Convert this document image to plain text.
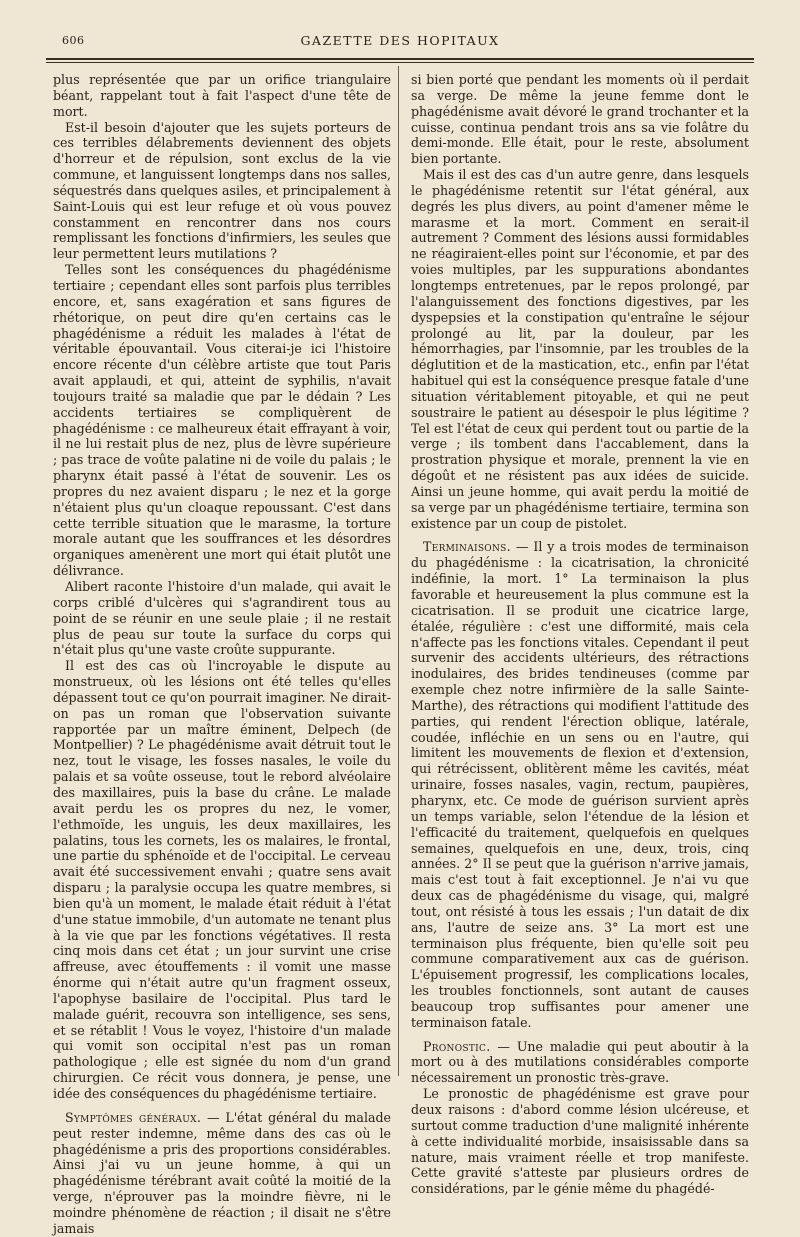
606	GAZETTE DES HOPITAUX

plus représentée que par un orifice triangulaire béant, rappelant tout à fait l'aspect d'une tête de mort.

Est-il besoin d'ajouter que les sujets porteurs de ces terribles délabrements deviennent des objets d'horreur et de répulsion, sont exclus de la vie commune, et languissent longtemps dans nos salles, séquestrés dans quelques asiles, et principalement à Saint-Louis qui est leur refuge et où vous pouvez constamment en rencontrer dans nos cours remplissant les fonctions d'infirmiers, les seules que leur permettent leurs mutilations ?

Telles sont les conséquences du phagédénisme tertiaire ; cependant elles sont parfois plus terribles encore, et, sans exagération et sans figures de rhétorique, on peut dire qu'en certains cas le phagédénisme a réduit les malades à l'état de véritable épouvantail. Vous citerai-je ici l'histoire encore récente d'un célèbre artiste que tout Paris avait applaudi, et qui, atteint de syphilis, n'avait toujours traité sa maladie que par le dédain ? Les accidents tertiaires se compliquèrent de phagédénisme : ce malheureux était effrayant à voir, il ne lui restait plus de nez, plus de lèvre supérieure ; pas trace de voûte palatine ni de voile du palais ; le pharynx était passé à l'état de souvenir. Les os propres du nez avaient disparu ; le nez et la gorge n'étaient plus qu'un cloaque repoussant. C'est dans cette terrible situation que le marasme, la torture morale autant que les souffrances et les désordres organiques amenèrent une mort qui était plutôt une délivrance.

Alibert raconte l'histoire d'un malade, qui avait le corps criblé d'ulcères qui s'agrandirent tous au point de se réunir en une seule plaie ; il ne restait plus de peau sur toute la surface du corps qui n'était plus qu'une vaste croûte suppurante.

Il est des cas où l'incroyable le dispute au monstrueux, où les lésions ont été telles qu'elles dépassent tout ce qu'on pourrait imaginer. Ne dirait-on pas un roman que l'observation suivante rapportée par un maître éminent, Delpech (de Montpellier) ? Le phagédénisme avait détruit tout le nez, tout le visage, les fosses nasales, le voile du palais et sa voûte osseuse, tout le rebord alvéolaire des maxillaires, puis la base du crâne. Le malade avait perdu les os propres du nez, le vomer, l'ethmoïde, les unguis, les deux maxillaires, les palatins, tous les cornets, les os malaires, le frontal, une partie du sphénoïde et de l'occipital. Le cerveau avait été successivement envahi ; quatre sens avait disparu ; la paralysie occupa les quatre membres, si bien qu'à un moment, le malade était réduit à l'état d'une statue immobile, d'un automate ne tenant plus à la vie que par les fonctions végétatives. Il resta cinq mois dans cet état ; un jour survint une crise affreuse, avec étouffements : il vomit une masse énorme qui n'était autre qu'un fragment osseux, l'apophyse basilaire de l'occipital. Plus tard le malade guérit, recouvra son intelligence, ses sens, et se rétablit ! Vous le voyez, l'histoire d'un malade qui vomit son occipital n'est pas un roman pathologique ; elle est signée du nom d'un grand chirurgien. Ce récit vous donnera, je pense, une idée des conséquences du phagédénisme tertiaire.

Symptômes généraux. — L'état général du malade peut rester indemne, même dans des cas où le phagédénisme a pris des proportions considérables. Ainsi j'ai vu un jeune homme, à qui un phagédénisme térébrant avait coûté la moitié de la verge, n'éprouver pas la moindre fièvre, ni le moindre phénomène de réaction ; il disait ne s'être jamais

si bien porté que pendant les moments où il perdait sa verge. De même la jeune femme dont le phagédénisme avait dévoré le grand trochanter et la cuisse, continua pendant trois ans sa vie folâtre du demi-monde. Elle était, pour le reste, absolument bien portante.

Mais il est des cas d'un autre genre, dans lesquels le phagédénisme retentit sur l'état général, aux degrés les plus divers, au point d'amener même le marasme et la mort. Comment en serait-il autrement ? Comment des lésions aussi formidables ne réagiraient-elles point sur l'économie, et par des voies multiples, par les suppurations abondantes longtemps entretenues, par le repos prolongé, par l'alanguissement des fonctions digestives, par les dyspepsies et la constipation qu'entraîne le séjour prolongé au lit, par la douleur, par les hémorrhagies, par l'insomnie, par les troubles de la déglutition et de la mastication, etc., enfin par l'état habituel qui est la conséquence presque fatale d'une situation véritablement pitoyable, et qui ne peut soustraire le patient au désespoir le plus légitime ? Tel est l'état de ceux qui perdent tout ou partie de la verge ; ils tombent dans l'accablement, dans la prostration physique et morale, prennent la vie en dégoût et ne résistent pas aux idées de suicide. Ainsi un jeune homme, qui avait perdu la moitié de sa verge par un phagédénisme tertiaire, termina son existence par un coup de pistolet.

Terminaisons. — Il y a trois modes de terminaison du phagédénisme : la cicatrisation, la chronicité indéfinie, la mort. 1° La terminaison la plus favorable et heureusement la plus commune est la cicatrisation. Il se produit une cicatrice large, étalée, régulière : c'est une difformité, mais cela n'affecte pas les fonctions vitales. Cependant il peut survenir des accidents ultérieurs, des rétractions inodulaires, des brides tendineuses (comme par exemple chez notre infirmière de la salle Sainte-Marthe), des rétractions qui modifient l'attitude des parties, qui rendent l'érection oblique, latérale, coudée, infléchie en un sens ou en l'autre, qui limitent les mouvements de flexion et d'extension, qui rétrécissent, oblitèrent même les cavités, méat urinaire, fosses nasales, vagin, rectum, paupières, pharynx, etc. Ce mode de guérison survient après un temps variable, selon l'étendue de la lésion et l'efficacité du traitement, quelquefois en quelques semaines, quelquefois en une, deux, trois, cinq années. 2° Il se peut que la guérison n'arrive jamais, mais c'est tout à fait exceptionnel. Je n'ai vu que deux cas de phagédénisme du visage, qui, malgré tout, ont résisté à tous les essais ; l'un datait de dix ans, l'autre de seize ans. 3° La mort est une terminaison plus fréquente, bien qu'elle soit peu commune comparativement aux cas de guérison. L'épuisement progressif, les complications locales, les troubles fonctionnels, sont autant de causes beaucoup trop suffisantes pour amener une terminaison fatale.

Pronostic. — Une maladie qui peut aboutir à la mort ou à des mutilations considérables comporte nécessairement un pronostic très-grave.

Le pronostic de phagédénisme est grave pour deux raisons : d'abord comme lésion ulcéreuse, et surtout comme traduction d'une malignité inhérente à cette individualité morbide, insaisissable dans sa nature, mais vraiment réelle et trop manifeste. Cette gravité s'atteste par plusieurs ordres de considérations, par le génie même du phagédé-
